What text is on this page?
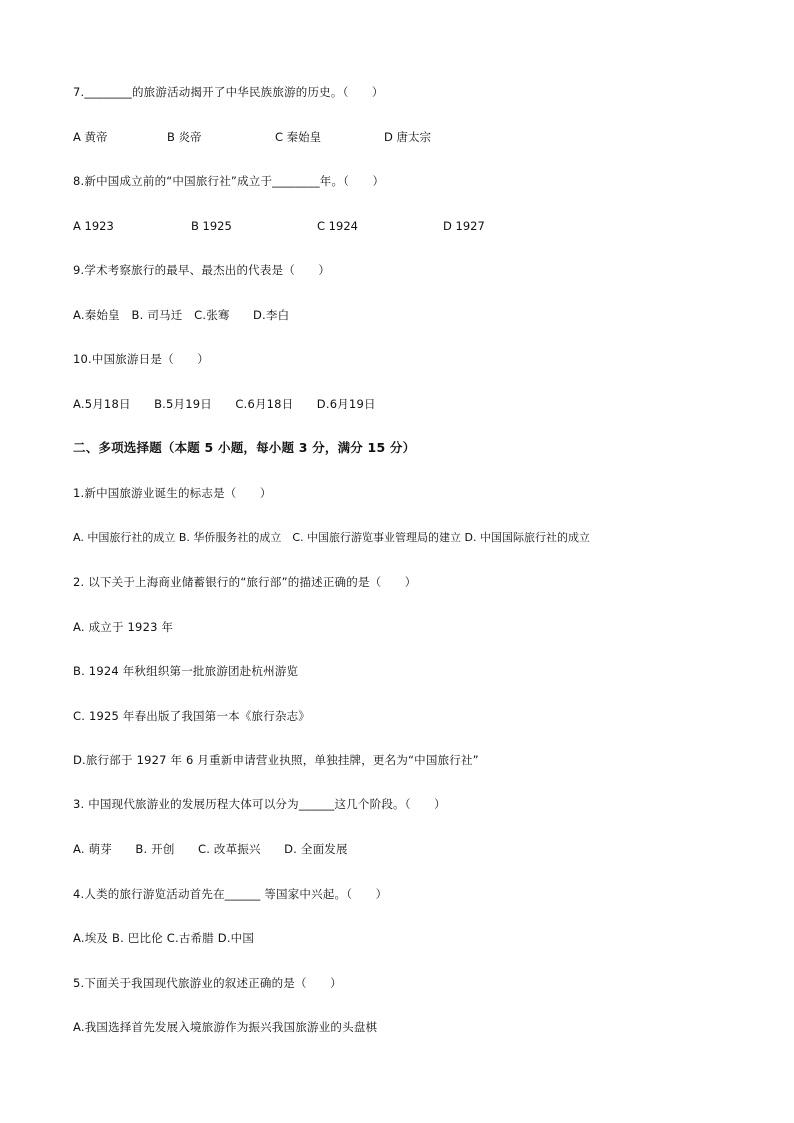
7.________的旅游活动揭开了中华民族旅游的历史。（　　）
A 黄帝	B 炎帝	C 秦始皇	D 唐太宗
8.新中国成立前的“中国旅行社”成立于________年。（　　）
A 1923	B 1925	C 1924	D 1927
9.学术考察旅行的最早、最杰出的代表是（　　）
A.秦始皇　B. 司马迁　C.张骞　　D.李白
10.中国旅游日是（　　）
A.5月18日　　B.5月19日　　C.6月18日　　D.6月19日
二、多项选择题（本题 5 小题，每小题 3 分，满分 15 分）
1.新中国旅游业诞生的标志是（　　）
A. 中国旅行社的成立 B. 华侨服务社的成立　C. 中国旅行游览事业管理局的建立 D. 中国国际旅行社的成立
2. 以下关于上海商业储蓄银行的“旅行部”的描述正确的是（　　）
A. 成立于 1923 年
B. 1924 年秋组织第一批旅游团赴杭州游览
C. 1925 年春出版了我国第一本《旅行杂志》
D.旅行部于 1927 年 6 月重新申请营业执照，单独挂牌，更名为“中国旅行社”
3. 中国现代旅游业的发展历程大体可以分为______这几个阶段。（　　）
A. 萌芽　　B. 开创　　C. 改革振兴　　D. 全面发展
4.人类的旅行游览活动首先在______ 等国家中兴起。（　　）
A.埃及 B. 巴比伦 C.古希腊 D.中国
5.下面关于我国现代旅游业的叙述正确的是（　　）
A.我国选择首先发展入境旅游作为振兴我国旅游业的头盘棋
